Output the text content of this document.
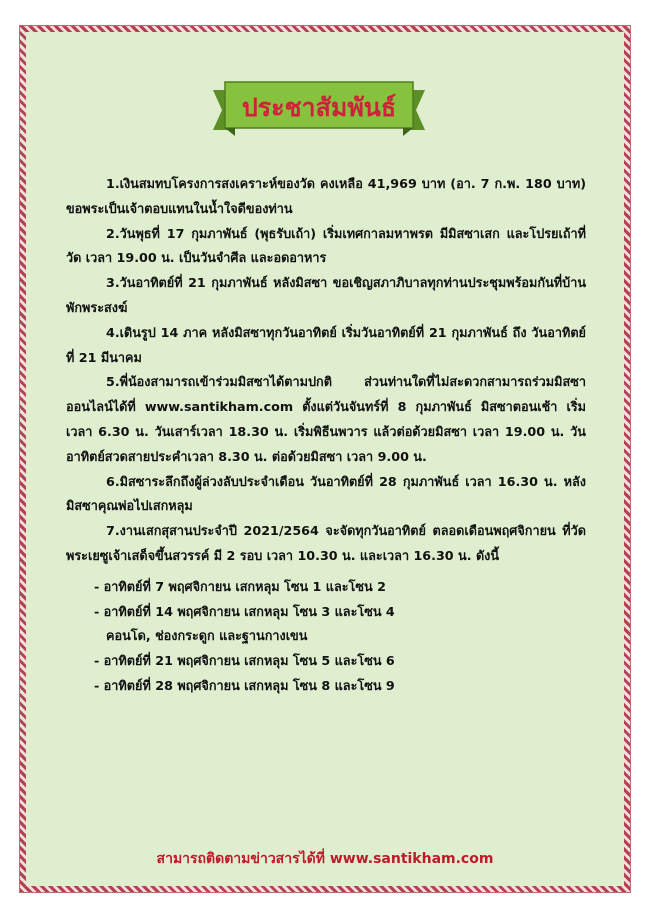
ประชาสัมพันธ์

1.เงินสมทบโครงการสงเคราะห์ของวัด คงเหลือ 41,969 บาท (อา. 7 ก.พ. 180 บาท) ขอพระเป็นเจ้าตอบแทนในน้ำใจดีของท่าน

2.วันพุธที่ 17 กุมภาพันธ์ (พุธรับเถ้า) เริ่มเทศกาลมหาพรต มีมิสซาเสก และโปรยเถ้าที่วัด เวลา 19.00 น. เป็นวันจำศีล และอดอาหาร

3.วันอาทิตย์ที่ 21 กุมภาพันธ์ หลังมิสซา ขอเชิญสภาภิบาลทุกท่านประชุมพร้อมกันที่บ้านพักพระสงฆ์

4.เดินรูป 14 ภาค หลังมิสซาทุกวันอาทิตย์ เริ่มวันอาทิตย์ที่ 21 กุมภาพันธ์ ถึง วันอาทิตย์ที่ 21 มีนาคม

5.พี่น้องสามารถเข้าร่วมมิสซาได้ตามปกติ ส่วนท่านใดที่ไม่สะดวกสามารถร่วมมิสซาออนไลน์ได้ที่ www.santikham.com ตั้งแต่วันจันทร์ที่ 8 กุมภาพันธ์ มิสซาตอนเช้า เริ่ม เวลา 6.30 น. วันเสาร์เวลา 18.30 น. เริ่มพิธีนพวาร แล้วต่อด้วยมิสซา เวลา 19.00 น. วันอาทิตย์สวดสายประคำเวลา 8.30 น. ต่อด้วยมิสซา เวลา 9.00 น.

6.มิสซาระลึกถึงผู้ล่วงลับประจำเดือน วันอาทิตย์ที่ 28 กุมภาพันธ์ เวลา 16.30 น. หลังมิสซาคุณพ่อไปเสกหลุม

7.งานเสกสุสานประจำปี 2021/2564 จะจัดทุกวันอาทิตย์ ตลอดเดือนพฤศจิกายน ที่วัดพระเยซูเจ้าเสด็จขึ้นสวรรค์ มี 2 รอบ เวลา 10.30 น. และเวลา 16.30 น. ดังนี้

- อาทิตย์ที่ 7 พฤศจิกายน เสกหลุม โซน 1 และโซน 2
- อาทิตย์ที่ 14 พฤศจิกายน เสกหลุม โซน 3 และโซน 4
คอนโด, ช่องกระดูก และฐานกางเขน
- อาทิตย์ที่ 21 พฤศจิกายน เสกหลุม โซน 5 และโซน 6
- อาทิตย์ที่ 28 พฤศจิกายน เสกหลุม โซน 8 และโซน 9
สามารถติดตามข่าวสารได้ที่ www.santikham.com
